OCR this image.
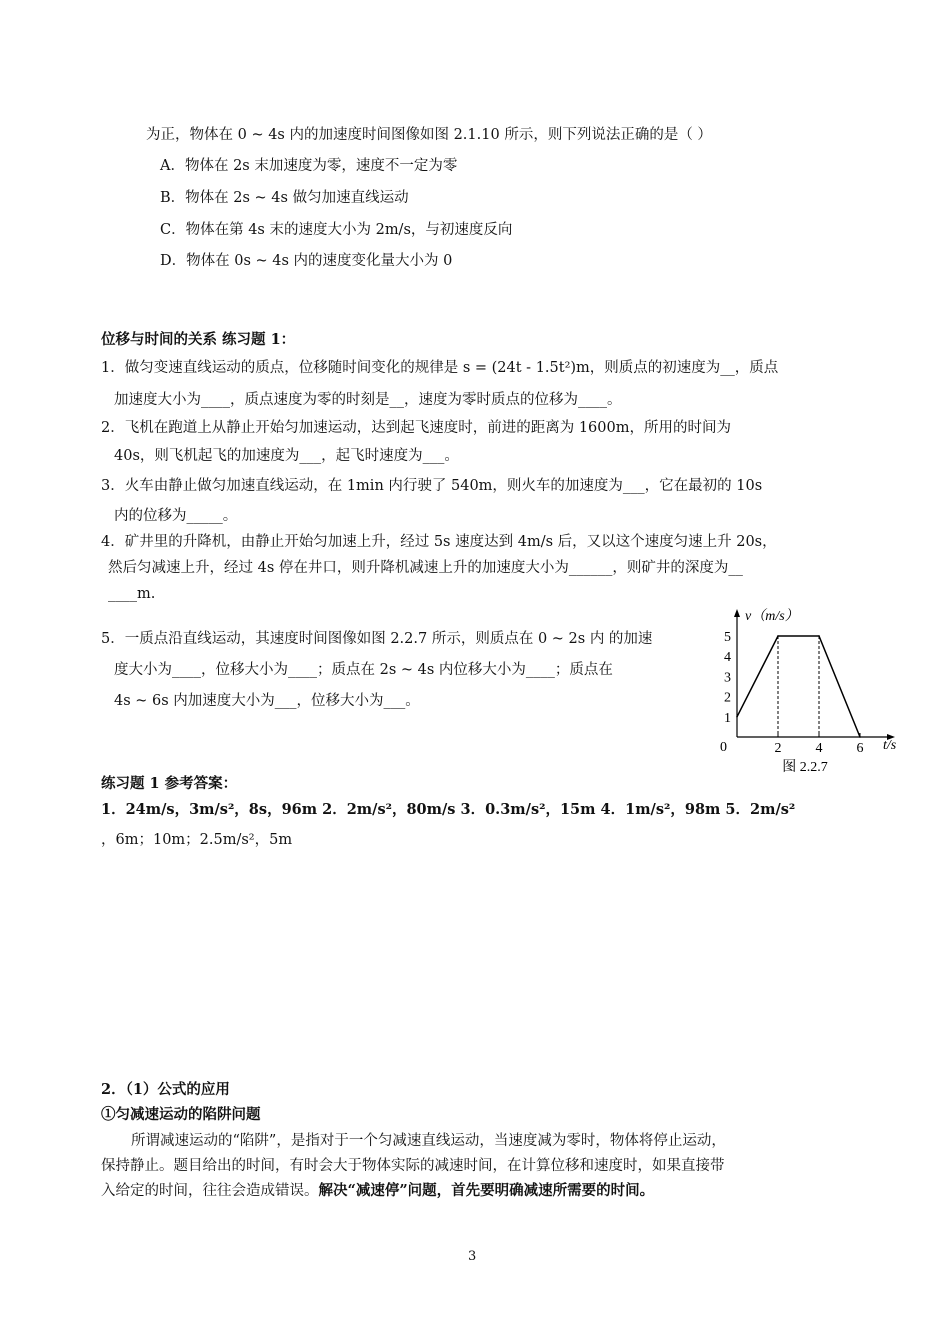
为正，物体在 0 ~ 4s 内的加速度时间图像如图 2.1.10 所示，则下列说法正确的是（ ）
A．物体在 2s 末加速度为零，速度不一定为零
B．物体在 2s ~ 4s 做匀加速直线运动
C．物体在第 4s 末的速度大小为 2m/s，与初速度反向
D．物体在 0s ~ 4s 内的速度变化量大小为 0
位移与时间的关系 练习题 1：
1．做匀变速直线运动的质点，位移随时间变化的规律是 s = (24t - 1.5t²)m，则质点的初速度为__，质点
加速度大小为____，质点速度为零的时刻是__，速度为零时质点的位移为____。
2．飞机在跑道上从静止开始匀加速运动，达到起飞速度时，前进的距离为 1600m，所用的时间为
40s，则飞机起飞的加速度为___，起飞时速度为___。
3．火车由静止做匀加速直线运动，在 1min 内行驶了 540m，则火车的加速度为___，它在最初的 10s
内的位移为_____。
4．矿井里的升降机，由静止开始匀加速上升，经过 5s 速度达到 4m/s 后，又以这个速度匀速上升 20s，
然后匀减速上升，经过 4s 停在井口，则升降机减速上升的加速度大小为______，则矿井的深度为__
____m.
5．一质点沿直线运动，其速度时间图像如图 2.2.7 所示，则质点在 0 ~ 2s 内 的加速
度大小为____，位移大小为____；质点在 2s ~ 4s 内位移大小为____；质点在
4s ~ 6s 内加速度大小为___，位移大小为___。
2 4 6
1
2
3
4
5
0
v（m/s）
t/s
图 2.2.7
练习题 1 参考答案：
1．24m/s，3m/s²，8s，96m 2．2m/s²，80m/s 3．0.3m/s²，15m 4．1m/s²，98m 5．2m/s²
，6m；10m；2.5m/s²，5m
2．（1）公式的应用
①匀减速运动的陷阱问题
所谓减速运动的“陷阱”，是指对于一个匀减速直线运动，当速度减为零时，物体将停止运动，
保持静止。题目给出的时间，有时会大于物体实际的减速时间，在计算位移和速度时，如果直接带
入给定的时间，往往会造成错误。解决“减速停”问题，首先要明确减速所需要的时间。
3
